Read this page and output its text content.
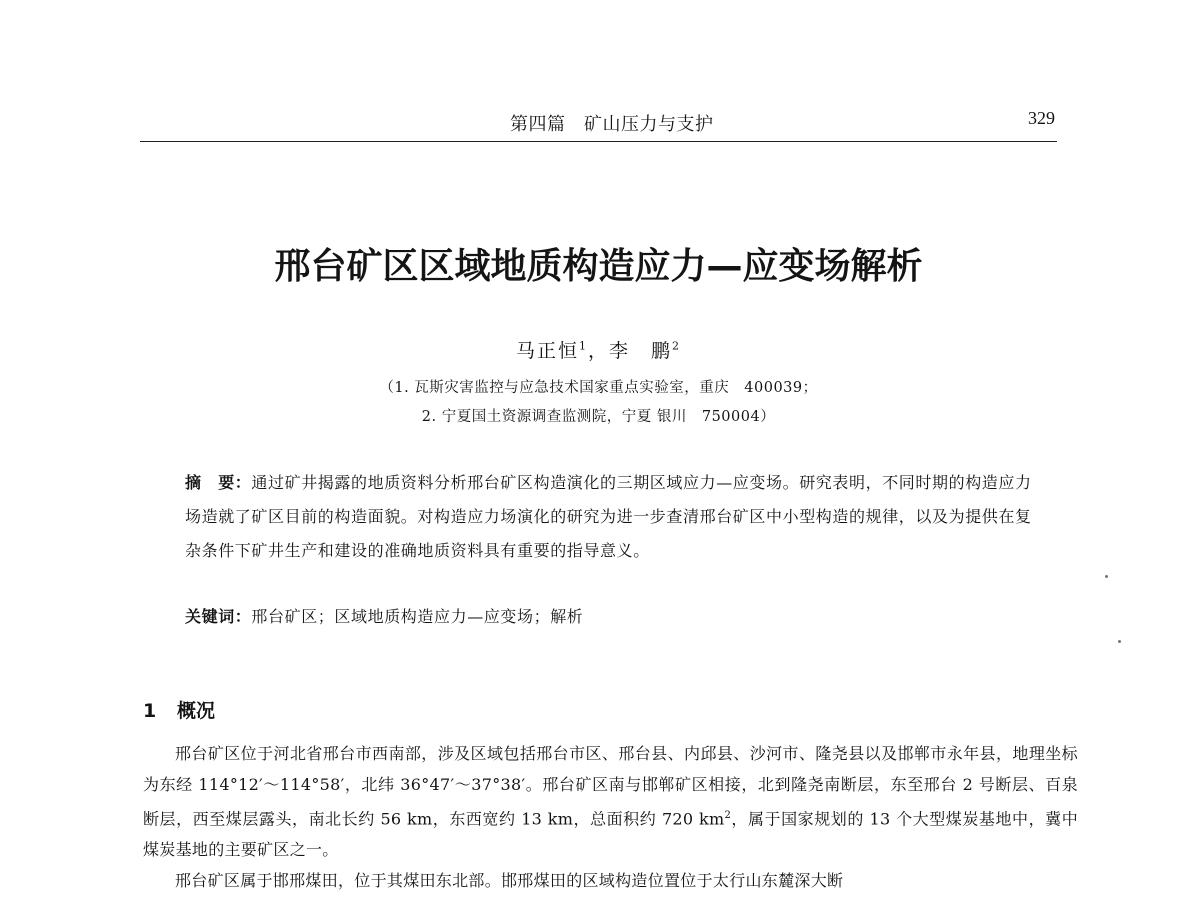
第四篇　矿山压力与支护	329
邢台矿区区域地质构造应力—应变场解析
马正恒$^1$，李　鹏$^2$
（1. 瓦斯灾害监控与应急技术国家重点实验室，重庆　400039；
2. 宁夏国土资源调查监测院，宁夏 银川　750004）
摘　要：通过矿井揭露的地质资料分析邢台矿区构造演化的三期区域应力—应变场。研究表明，不同时期的构造应力场造就了矿区目前的构造面貌。对构造应力场演化的研究为进一步查清邢台矿区中小型构造的规律，以及为提供在复杂条件下矿井生产和建设的准确地质资料具有重要的指导意义。
关键词：邢台矿区；区域地质构造应力—应变场；解析
1 概况

邢台矿区位于河北省邢台市西南部，涉及区域包括邢台市区、邢台县、内邱县、沙河市、隆尧县以及邯郸市永年县，地理坐标为东经 114°12′～114°58′，北纬 36°47′～37°38′。邢台矿区南与邯郸矿区相接，北到隆尧南断层，东至邢台 2 号断层、百泉断层，西至煤层露头，南北长约 56 km，东西宽约 13 km，总面积约 720 $km^2$，属于国家规划的 13 个大型煤炭基地中，冀中煤炭基地的主要矿区之一。

邢台矿区属于邯邢煤田，位于其煤田东北部。邯邢煤田的区域构造位置位于太行山东麓深大断
